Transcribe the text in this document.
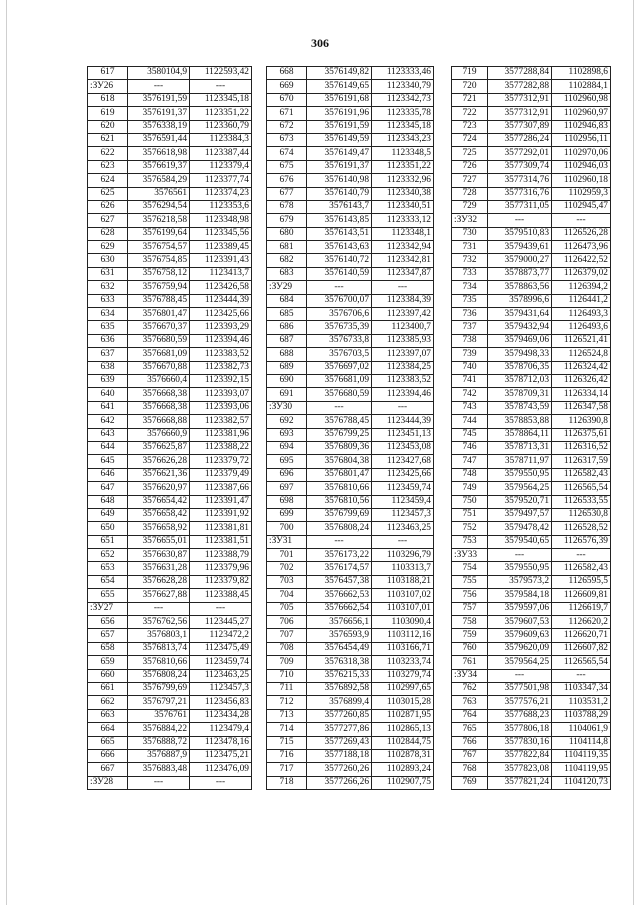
306
617	3580104,9	1122593,42
:ЗУ26	---	---
618	3576191,59	1123345,18
619	3576191,37	1123351,22
620	3576338,19	1123360,79
621	3576591,44	1123384,3
622	3576618,98	1123387,44
623	3576619,37	1123379,4
624	3576584,29	1123377,74
625	3576561	1123374,23
626	3576294,54	1123353,6
627	3576218,58	1123348,98
628	3576199,64	1123345,56
629	3576754,57	1123389,45
630	3576754,85	1123391,43
631	3576758,12	1123413,7
632	3576759,94	1123426,58
633	3576788,45	1123444,39
634	3576801,47	1123425,66
635	3576670,37	1123393,29
636	3576680,59	1123394,46
637	3576681,09	1123383,52
638	3576670,88	1123382,73
639	3576660,4	1123392,15
640	3576668,38	1123393,07
641	3576668,38	1123393,06
642	3576668,88	1123382,57
643	3576660,9	1123381,96
644	3576625,87	1123388,22
645	3576626,28	1123379,72
646	3576621,36	1123379,49
647	3576620,97	1123387,66
648	3576654,42	1123391,47
649	3576658,42	1123391,92
650	3576658,92	1123381,81
651	3576655,01	1123381,51
652	3576630,87	1123388,79
653	3576631,28	1123379,96
654	3576628,28	1123379,82
655	3576627,88	1123388,45
:ЗУ27	---	---
656	3576762,56	1123445,27
657	3576803,1	1123472,2
658	3576813,74	1123475,49
659	3576810,66	1123459,74
660	3576808,24	1123463,25
661	3576799,69	1123457,3
662	3576797,21	1123456,83
663	3576761	1123434,28
664	3576884,22	1123479,4
665	3576888,72	1123478,16
666	3576887,9	1123475,21
667	3576883,48	1123476,09
:ЗУ28	---	---
668	3576149,82	1123333,46
669	3576149,65	1123340,79
670	3576191,68	1123342,73
671	3576191,96	1123335,78
672	3576191,59	1123345,18
673	3576149,59	1123343,23
674	3576149,47	1123348,5
675	3576191,37	1123351,22
676	3576140,98	1123332,96
677	3576140,79	1123340,38
678	3576143,7	1123340,51
679	3576143,85	1123333,12
680	3576143,51	1123348,1
681	3576143,63	1123342,94
682	3576140,72	1123342,81
683	3576140,59	1123347,87
:ЗУ29	---	---
684	3576700,07	1123384,39
685	3576706,6	1123397,42
686	3576735,39	1123400,7
687	3576733,8	1123385,93
688	3576703,5	1123397,07
689	3576697,02	1123384,25
690	3576681,09	1123383,52
691	3576680,59	1123394,46
:ЗУ30	---	---
692	3576788,45	1123444,39
693	3576799,25	1123451,13
694	3576809,36	1123453,08
695	3576804,38	1123427,68
696	3576801,47	1123425,66
697	3576810,66	1123459,74
698	3576810,56	1123459,4
699	3576799,69	1123457,3
700	3576808,24	1123463,25
:ЗУ31	---	---
701	3576173,22	1103296,79
702	3576174,57	1103313,7
703	3576457,38	1103188,21
704	3576662,53	1103107,02
705	3576662,54	1103107,01
706	3576656,1	1103090,4
707	3576593,9	1103112,16
708	3576454,49	1103166,71
709	3576318,38	1103233,74
710	3576215,33	1103279,74
711	3576892,58	1102997,65
712	3576899,4	1103015,28
713	3577260,85	1102871,95
714	3577277,86	1102865,13
715	3577269,43	1102844,75
716	3577188,18	1102878,31
717	3577260,26	1102893,24
718	3577266,26	1102907,75
719	3577288,84	1102898,6
720	3577282,88	1102884,1
721	3577312,91	1102960,98
722	3577312,91	1102960,97
723	3577307,89	1102946,83
724	3577286,24	1102956,11
725	3577292,01	1102970,06
726	3577309,74	1102946,03
727	3577314,76	1102960,18
728	3577316,76	1102959,3
729	3577311,05	1102945,47
:ЗУ32	---	---
730	3579510,83	1126526,28
731	3579439,61	1126473,96
732	3579000,27	1126422,52
733	3578873,77	1126379,02
734	3578863,56	1126394,2
735	3578996,6	1126441,2
736	3579431,64	1126493,3
737	3579432,94	1126493,6
738	3579469,06	1126521,41
739	3579498,33	1126524,8
740	3578706,35	1126324,42
741	3578712,03	1126326,42
742	3578709,31	1126334,14
743	3578743,59	1126347,58
744	3578853,88	1126390,8
745	3578864,11	1126375,61
746	3578713,31	1126316,52
747	3578711,97	1126317,59
748	3579550,95	1126582,43
749	3579564,25	1126565,54
750	3579520,71	1126533,55
751	3579497,57	1126530,8
752	3579478,42	1126528,52
753	3579540,65	1126576,39
:ЗУ33	---	---
754	3579550,95	1126582,43
755	3579573,2	1126595,5
756	3579584,18	1126609,81
757	3579597,06	1126619,7
758	3579607,53	1126620,2
759	3579609,63	1126620,71
760	3579620,09	1126607,82
761	3579564,25	1126565,54
:ЗУ34	---	---
762	3577501,98	1103347,34
763	3577576,21	1103531,2
764	3577688,23	1103788,29
765	3577806,18	1104061,9
766	3577830,16	1104114,8
767	3577822,84	1104119,35
768	3577823,08	1104119,95
769	3577821,24	1104120,73
